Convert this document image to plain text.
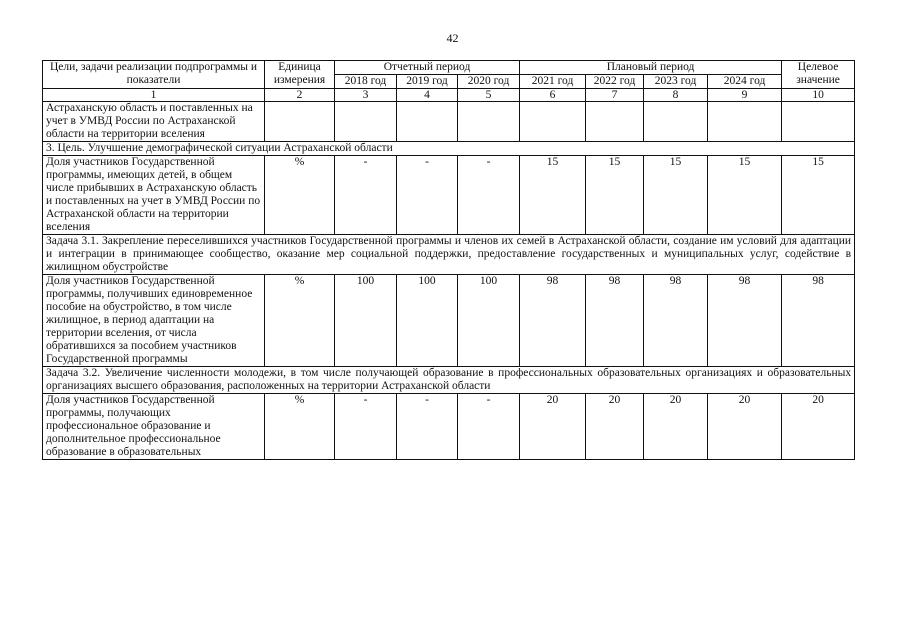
42
Цели, задачи реализации подпрограммы и показатели	Единица измерения	Отчетный период			Плановый период				Целевое значение
		2018 год	2019 год	2020 год	2021 год	2022 год	2023 год	2024 год	
1	2	3	4	5	6	7	8	9	10
Астраханскую область и поставленных на учет в УМВД России по Астраханской области на территории вселения									
3. Цель. Улучшение демографической ситуации Астраханской области									
Доля участников Государственной программы, имеющих детей, в общем числе прибывших в Астраханскую область и поставленных на учет в УМВД России по Астраханской области на территории вселения	%	-	-	-	15	15	15	15	15
Задача 3.1. Закрепление переселившихся участников Государственной программы и членов их семей в Астраханской области, создание им условий для адаптации и интеграции в принимающее сообщество, оказание мер социальной поддержки, предоставление государственных и муниципальных услуг, содействие в жилищном обустройстве									
Доля участников Государственной программы, получивших единовременное пособие на обустройство, в том числе жилищное, в период адаптации на территории вселения, от числа обратившихся за пособием участников Государственной программы	%	100	100	100	98	98	98	98	98
Задача 3.2. Увеличение численности молодежи, в том числе получающей образование в профессиональных образовательных организациях и образовательных организациях высшего образования, расположенных на территории Астраханской области									
Доля участников Государственной программы, получающих профессиональное образование и дополнительное профессиональное образование в образовательных	%	-	-	-	20	20	20	20	20
